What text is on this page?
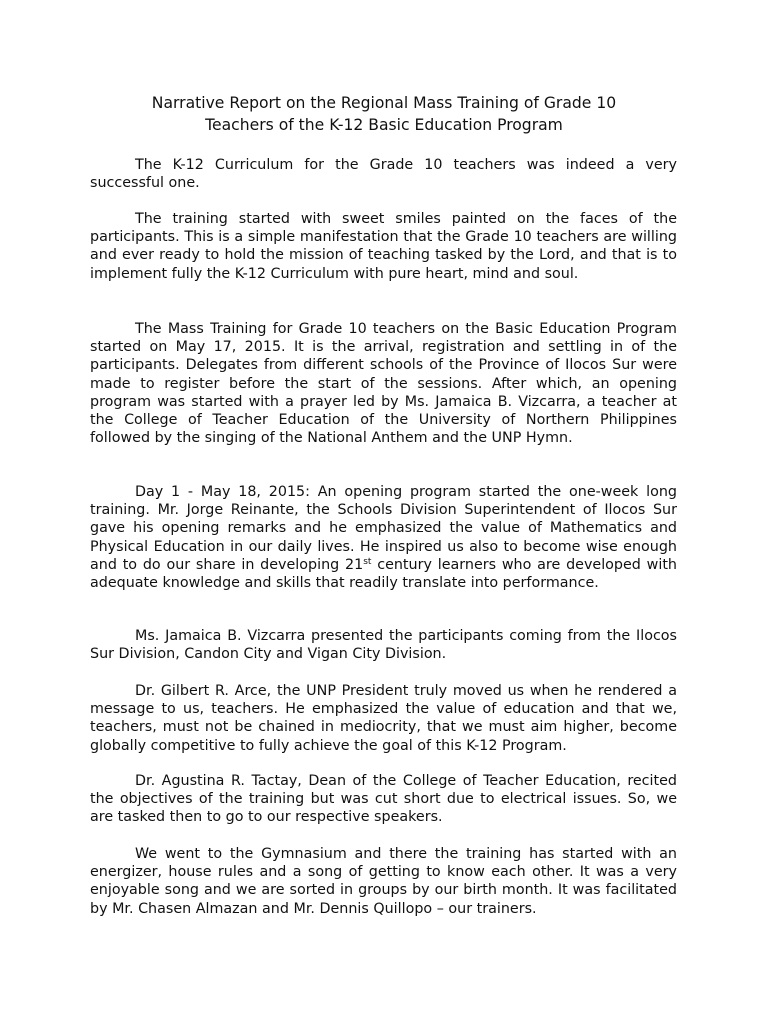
Narrative Report on the Regional Mass Training of Grade 10
Teachers of the K-12 Basic Education Program

The K-12 Curriculum for the Grade 10 teachers was indeed a very successful one.

The training started with sweet smiles painted on the faces of the participants. This is a simple manifestation that the Grade 10 teachers are willing and ever ready to hold the mission of teaching tasked by the Lord, and that is to implement fully the K-12 Curriculum with pure heart, mind and soul.

The Mass Training for Grade 10 teachers on the Basic Education Program started on May 17, 2015. It is the arrival, registration and settling in of the participants. Delegates from different schools of the Province of Ilocos Sur were made to register before the start of the sessions. After which, an opening program was started with a prayer led by Ms. Jamaica B. Vizcarra, a teacher at the College of Teacher Education of the University of Northern Philippines followed by the singing of the National Anthem and the UNP Hymn.

Day 1 - May 18, 2015: An opening program started the one-week long training. Mr. Jorge Reinante, the Schools Division Superintendent of Ilocos Sur gave his opening remarks and he emphasized the value of Mathematics and Physical Education in our daily lives. He inspired us also to become wise enough and to do our share in developing 21st century learners who are developed with adequate knowledge and skills that readily translate into performance.

Ms. Jamaica B. Vizcarra presented the participants coming from the Ilocos Sur Division, Candon City and Vigan City Division.

Dr. Gilbert R. Arce, the UNP President truly moved us when he rendered a message to us, teachers. He emphasized the value of education and that we, teachers, must not be chained in mediocrity, that we must aim higher, become globally competitive to fully achieve the goal of this K-12 Program.

Dr. Agustina R. Tactay, Dean of the College of Teacher Education, recited the objectives of the training but was cut short due to electrical issues. So, we are tasked then to go to our respective speakers.

We went to the Gymnasium and there the training has started with an energizer, house rules and a song of getting to know each other. It was a very enjoyable song and we are sorted in groups by our birth month. It was facilitated by Mr. Chasen Almazan and Mr. Dennis Quillopo – our trainers.
